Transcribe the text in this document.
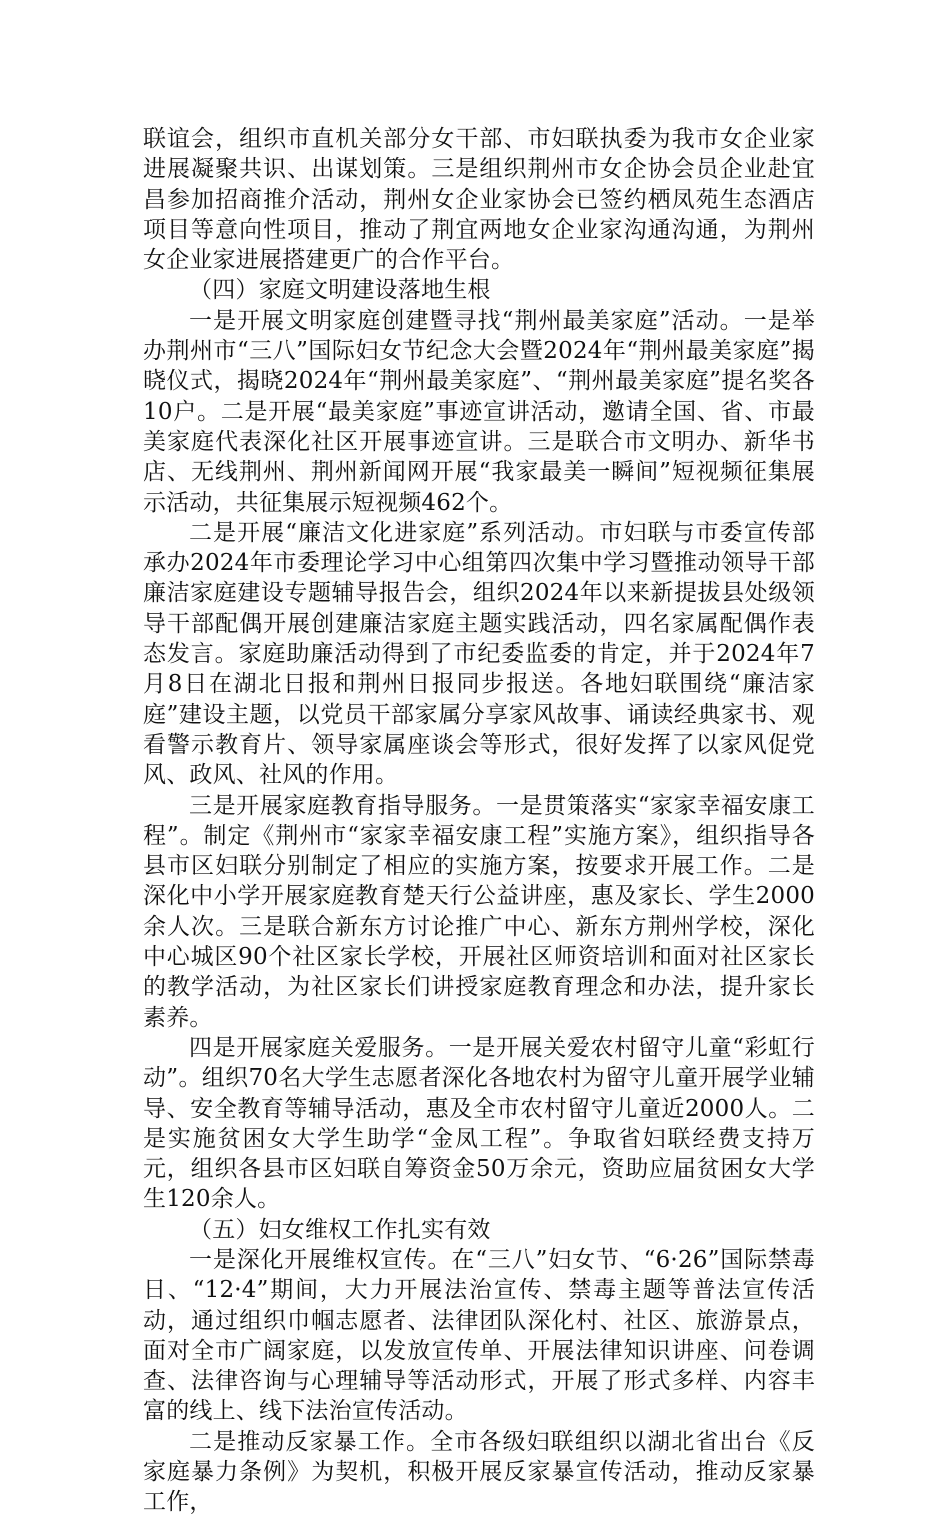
联谊会，组织市直机关部分女干部、市妇联执委为我市女企业家进展凝聚共识、出谋划策。三是组织荆州市女企协会员企业赴宜昌参加招商推介活动，荆州女企业家协会已签约栖凤苑生态酒店项目等意向性项目，推动了荆宜两地女企业家沟通沟通，为荆州女企业家进展搭建更广的合作平台。

（四）家庭文明建设落地生根

一是开展文明家庭创建暨寻找“荆州最美家庭”活动。一是举办荆州市“三八”国际妇女节纪念大会暨2024年“荆州最美家庭”揭晓仪式，揭晓2024年“荆州最美家庭”、“荆州最美家庭”提名奖各10户。二是开展“最美家庭”事迹宣讲活动，邀请全国、省、市最美家庭代表深化社区开展事迹宣讲。三是联合市文明办、新华书店、无线荆州、荆州新闻网开展“我家最美一瞬间”短视频征集展示活动，共征集展示短视频462个。

二是开展“廉洁文化进家庭”系列活动。市妇联与市委宣传部承办2024年市委理论学习中心组第四次集中学习暨推动领导干部廉洁家庭建设专题辅导报告会，组织2024年以来新提拔县处级领导干部配偶开展创建廉洁家庭主题实践活动，四名家属配偶作表态发言。家庭助廉活动得到了市纪委监委的肯定，并于2024年7月8日在湖北日报和荆州日报同步报送。各地妇联围绕“廉洁家庭”建设主题，以党员干部家属分享家风故事、诵读经典家书、观看警示教育片、领导家属座谈会等形式，很好发挥了以家风促党风、政风、社风的作用。

三是开展家庭教育指导服务。一是贯策落实“家家幸福安康工程”。制定《荆州市“家家幸福安康工程”实施方案》，组织指导各县市区妇联分别制定了相应的实施方案，按要求开展工作。二是深化中小学开展家庭教育楚天行公益讲座，惠及家长、学生2000余人次。三是联合新东方讨论推广中心、新东方荆州学校，深化中心城区90个社区家长学校，开展社区师资培训和面对社区家长的教学活动，为社区家长们讲授家庭教育理念和办法，提升家长素养。

四是开展家庭关爱服务。一是开展关爱农村留守儿童“彩虹行动”。组织70名大学生志愿者深化各地农村为留守儿童开展学业辅导、安全教育等辅导活动，惠及全市农村留守儿童近2000人。二是实施贫困女大学生助学“金凤工程”。争取省妇联经费支持万元，组织各县市区妇联自筹资金50万余元，资助应届贫困女大学生120余人。

（五）妇女维权工作扎实有效

一是深化开展维权宣传。在“三八”妇女节、“6·26”国际禁毒日、“12·4”期间，大力开展法治宣传、禁毒主题等普法宣传活动，通过组织巾帼志愿者、法律团队深化村、社区、旅游景点，面对全市广阔家庭，以发放宣传单、开展法律知识讲座、问卷调查、法律咨询与心理辅导等活动形式，开展了形式多样、内容丰富的线上、线下法治宣传活动。

二是推动反家暴工作。全市各级妇联组织以湖北省出台《反家庭暴力条例》为契机，积极开展反家暴宣传活动，推动反家暴工作，
